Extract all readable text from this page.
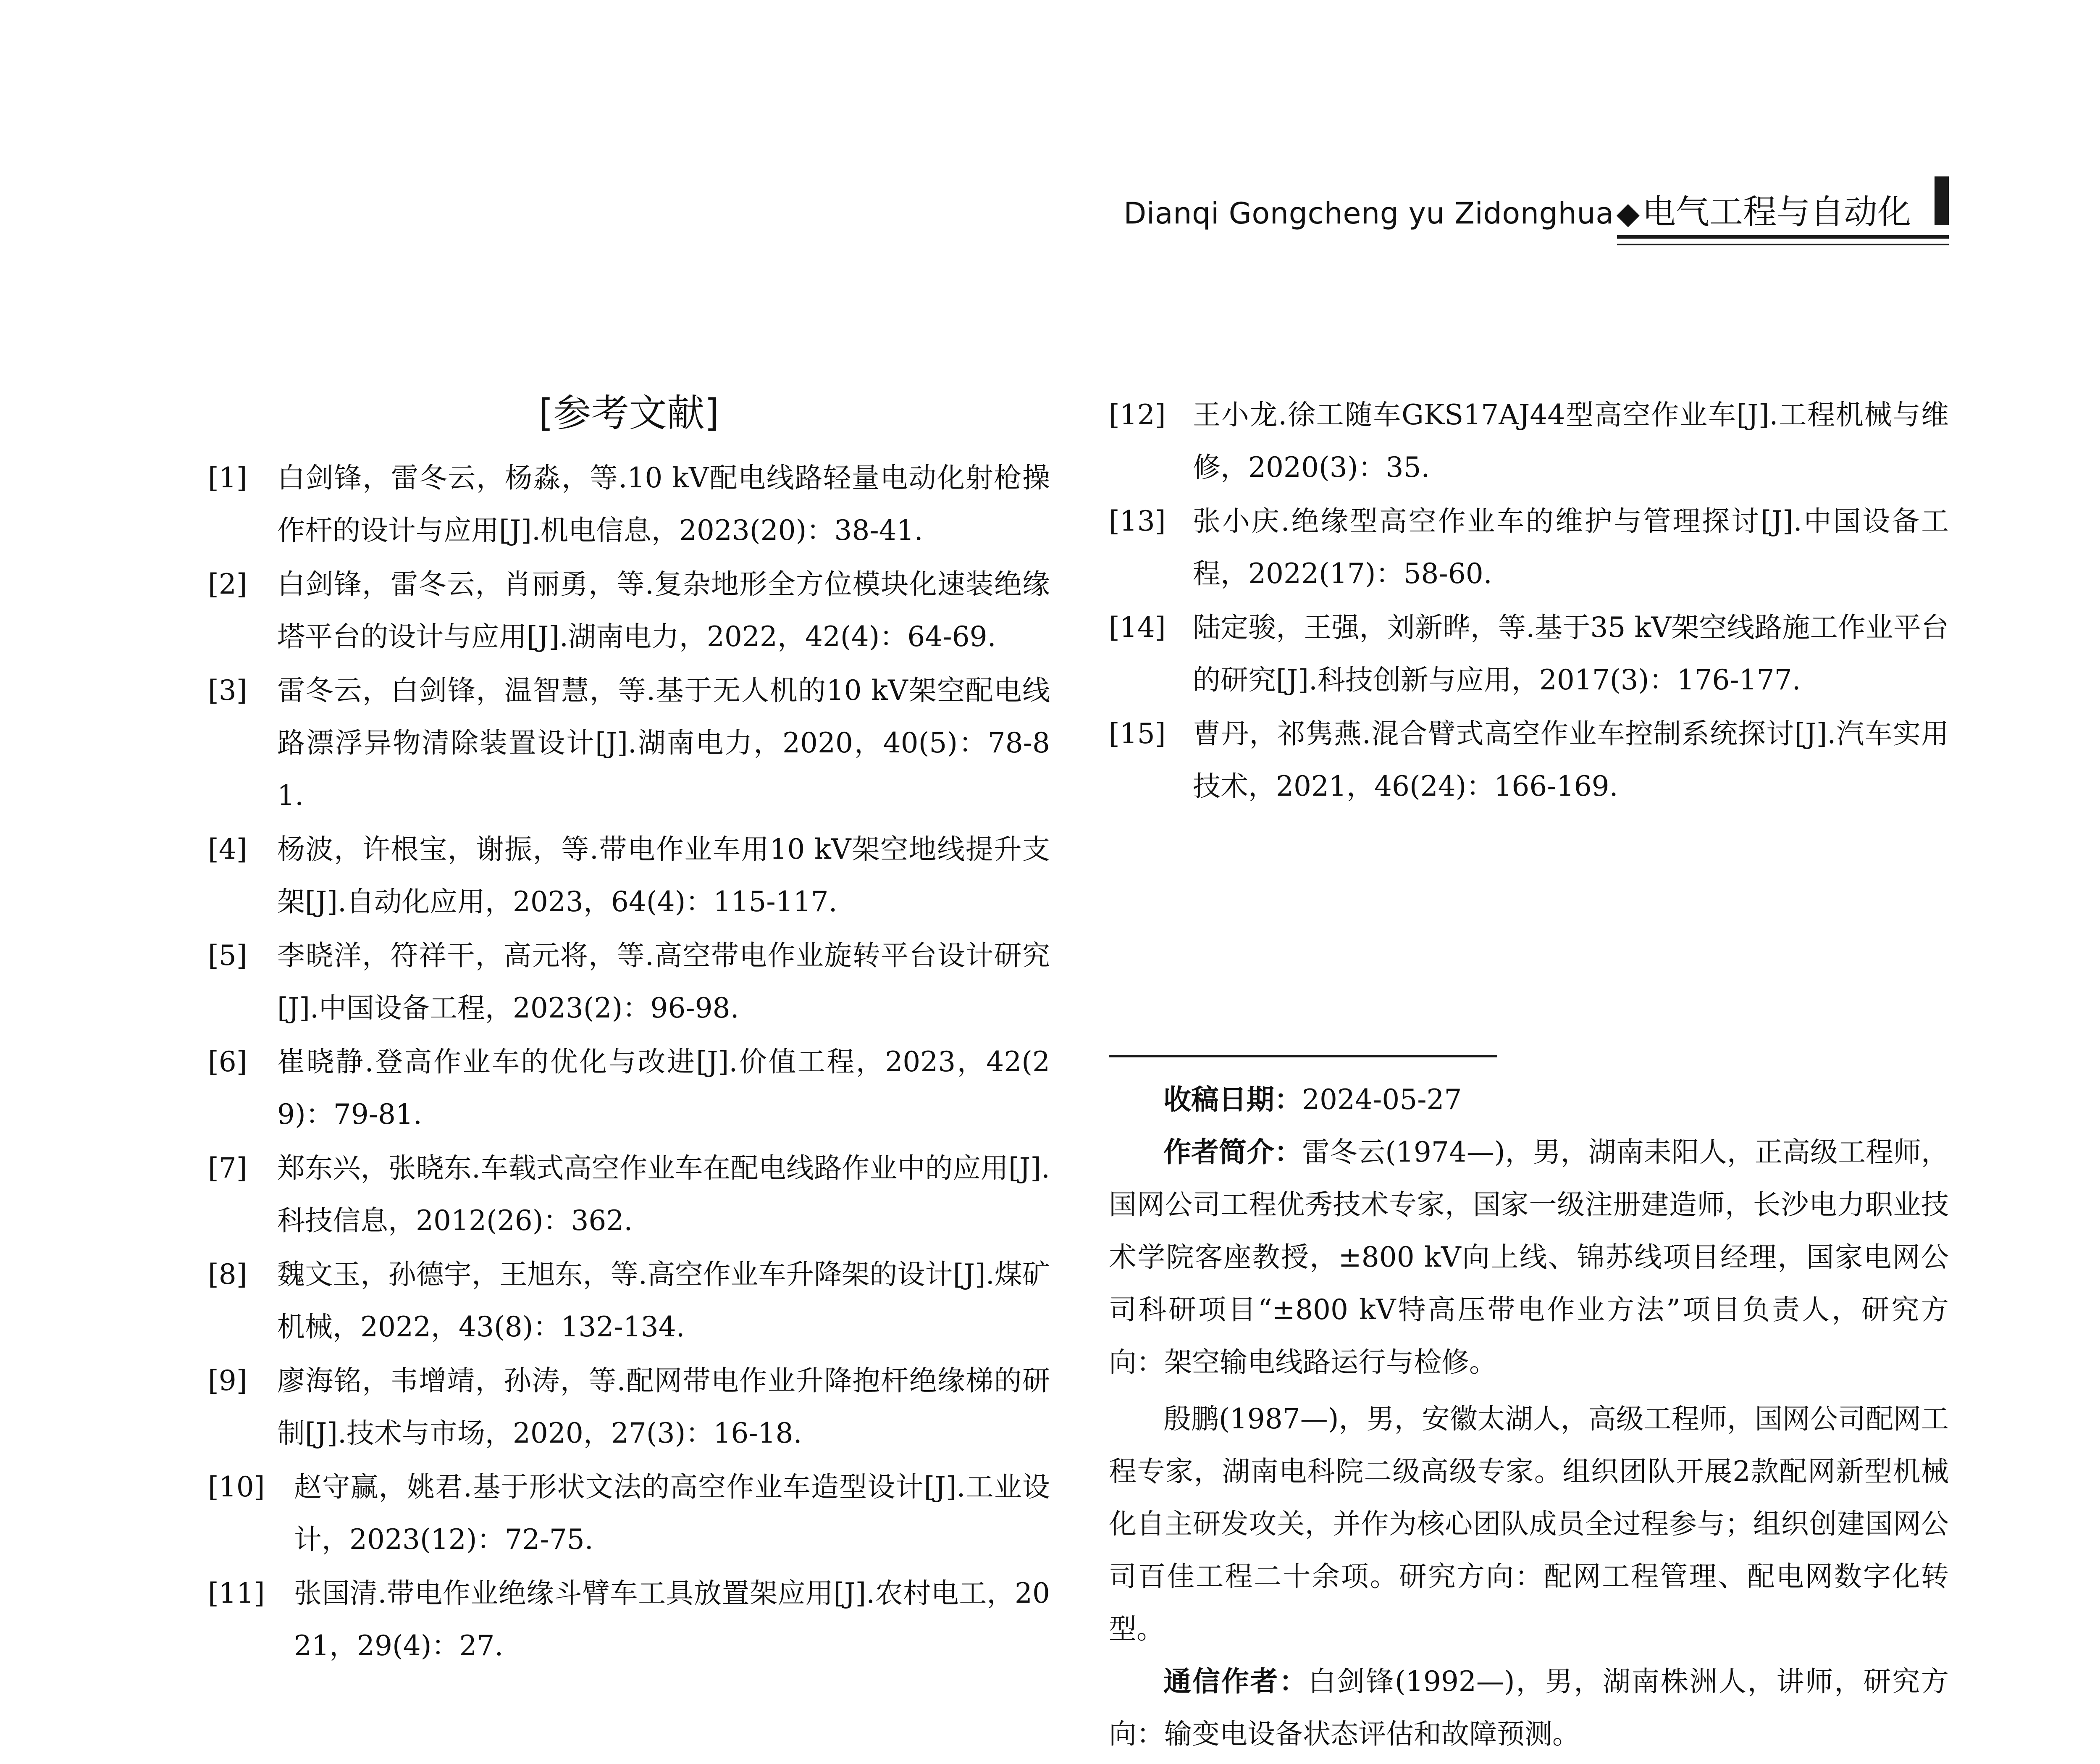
Dianqi Gongcheng yu Zidonghua◆电气工程与自动化
[参考文献]
[1] 白剑锋，雷冬云，杨淼，等.10 kV配电线路轻量电动化射枪操作杆的设计与应用[J].机电信息，2023(20)：38-41.
[2] 白剑锋，雷冬云，肖丽勇，等.复杂地形全方位模块化速装绝缘塔平台的设计与应用[J].湖南电力，2022，42(4)：64-69.
[3] 雷冬云，白剑锋，温智慧，等.基于无人机的10 kV架空配电线路漂浮异物清除装置设计[J].湖南电力，2020，40(5)：78-81.
[4] 杨波，许根宝，谢振，等.带电作业车用10 kV架空地线提升支架[J].自动化应用，2023，64(4)：115-117.
[5] 李晓洋，符祥干，高元将，等.高空带电作业旋转平台设计研究[J].中国设备工程，2023(2)：96-98.
[6] 崔晓静.登高作业车的优化与改进[J].价值工程，2023，42(29)：79-81.
[7] 郑东兴，张晓东.车载式高空作业车在配电线路作业中的应用[J].科技信息，2012(26)：362.
[8] 魏文玉，孙德宇，王旭东，等.高空作业车升降架的设计[J].煤矿机械，2022，43(8)：132-134.
[9] 廖海铭，韦增靖，孙涛，等.配网带电作业升降抱杆绝缘梯的研制[J].技术与市场，2020，27(3)：16-18.
[10] 赵守赢，姚君.基于形状文法的高空作业车造型设计[J].工业设计，2023(12)：72-75.
[11] 张国清.带电作业绝缘斗臂车工具放置架应用[J].农村电工，2021，29(4)：27.
[12] 王小龙.徐工随车GKS17AJ44型高空作业车[J].工程机械与维修，2020(3)：35.
[13] 张小庆.绝缘型高空作业车的维护与管理探讨[J].中国设备工程，2022(17)：58-60.
[14] 陆定骏，王强，刘新晔，等.基于35 kV架空线路施工作业平台的研究[J].科技创新与应用，2017(3)：176-177.
[15] 曹丹，祁隽燕.混合臂式高空作业车控制系统探讨[J].汽车实用技术，2021，46(24)：166-169.

收稿日期：2024-05-27

作者简介：雷冬云(1974—)，男，湖南耒阳人，正高级工程师，国网公司工程优秀技术专家，国家一级注册建造师，长沙电力职业技术学院客座教授，±800 kV向上线、锦苏线项目经理，国家电网公司科研项目“±800 kV特高压带电作业方法”项目负责人，研究方向：架空输电线路运行与检修。

殷鹏(1987—)，男，安徽太湖人，高级工程师，国网公司配网工程专家，湖南电科院二级高级专家。组织团队开展2款配网新型机械化自主研发攻关，并作为核心团队成员全过程参与；组织创建国网公司百佳工程二十余项。研究方向：配网工程管理、配电网数字化转型。

通信作者：白剑锋(1992—)，男，湖南株洲人，讲师，研究方向：输变电设备状态评估和故障预测。
